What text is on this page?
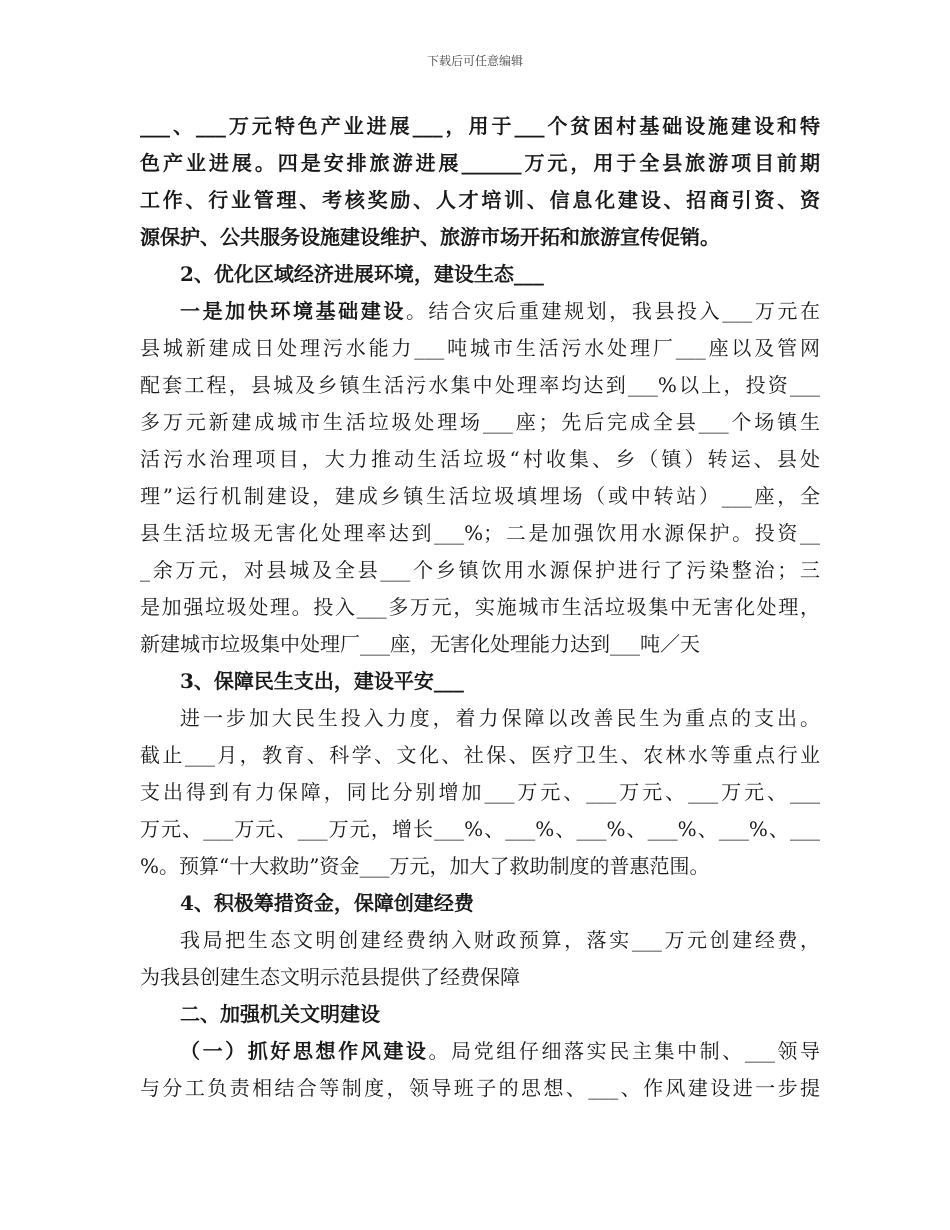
下载后可任意编辑
___、___万元特色产业进展___，用于___个贫困村基础设施建设和特
色产业进展。四是安排旅游进展______万元，用于全县旅游项目前期
工作、行业管理、考核奖励、人才培训、信息化建设、招商引资、资
源保护、公共服务设施建设维护、旅游市场开拓和旅游宣传促销。
2、优化区域经济进展环境，建设生态___
一是加快环境基础建设。结合灾后重建规划，我县投入___万元在
县城新建成日处理污水能力___吨城市生活污水处理厂___座以及管网
配套工程，县城及乡镇生活污水集中处理率均达到___%以上，投资___
多万元新建成城市生活垃圾处理场___座；先后完成全县___个场镇生
活污水治理项目，大力推动生活垃圾“村收集、乡（镇）转运、县处
理”运行机制建设，建成乡镇生活垃圾填埋场（或中转站）___座，全
县生活垃圾无害化处理率达到___%；二是加强饮用水源保护。投资__
_余万元，对县城及全县___个乡镇饮用水源保护进行了污染整治；三
是加强垃圾处理。投入___多万元，实施城市生活垃圾集中无害化处理，
新建城市垃圾集中处理厂___座，无害化处理能力达到___吨／天
3、保障民生支出，建设平安___
进一步加大民生投入力度，着力保障以改善民生为重点的支出。
截止___月，教育、科学、文化、社保、医疗卫生、农林水等重点行业
支出得到有力保障，同比分别增加___万元、___万元、___万元、___
万元、___万元、___万元，增长___%、___%、___%、___%、___%、___
%。预算“十大救助”资金___万元，加大了救助制度的普惠范围。
4、积极筹措资金，保障创建经费
我局把生态文明创建经费纳入财政预算，落实___万元创建经费，
为我县创建生态文明示范县提供了经费保障
二、加强机关文明建设
（一）抓好思想作风建设。局党组仔细落实民主集中制、___领导
与分工负责相结合等制度，领导班子的思想、___、作风建设进一步提
